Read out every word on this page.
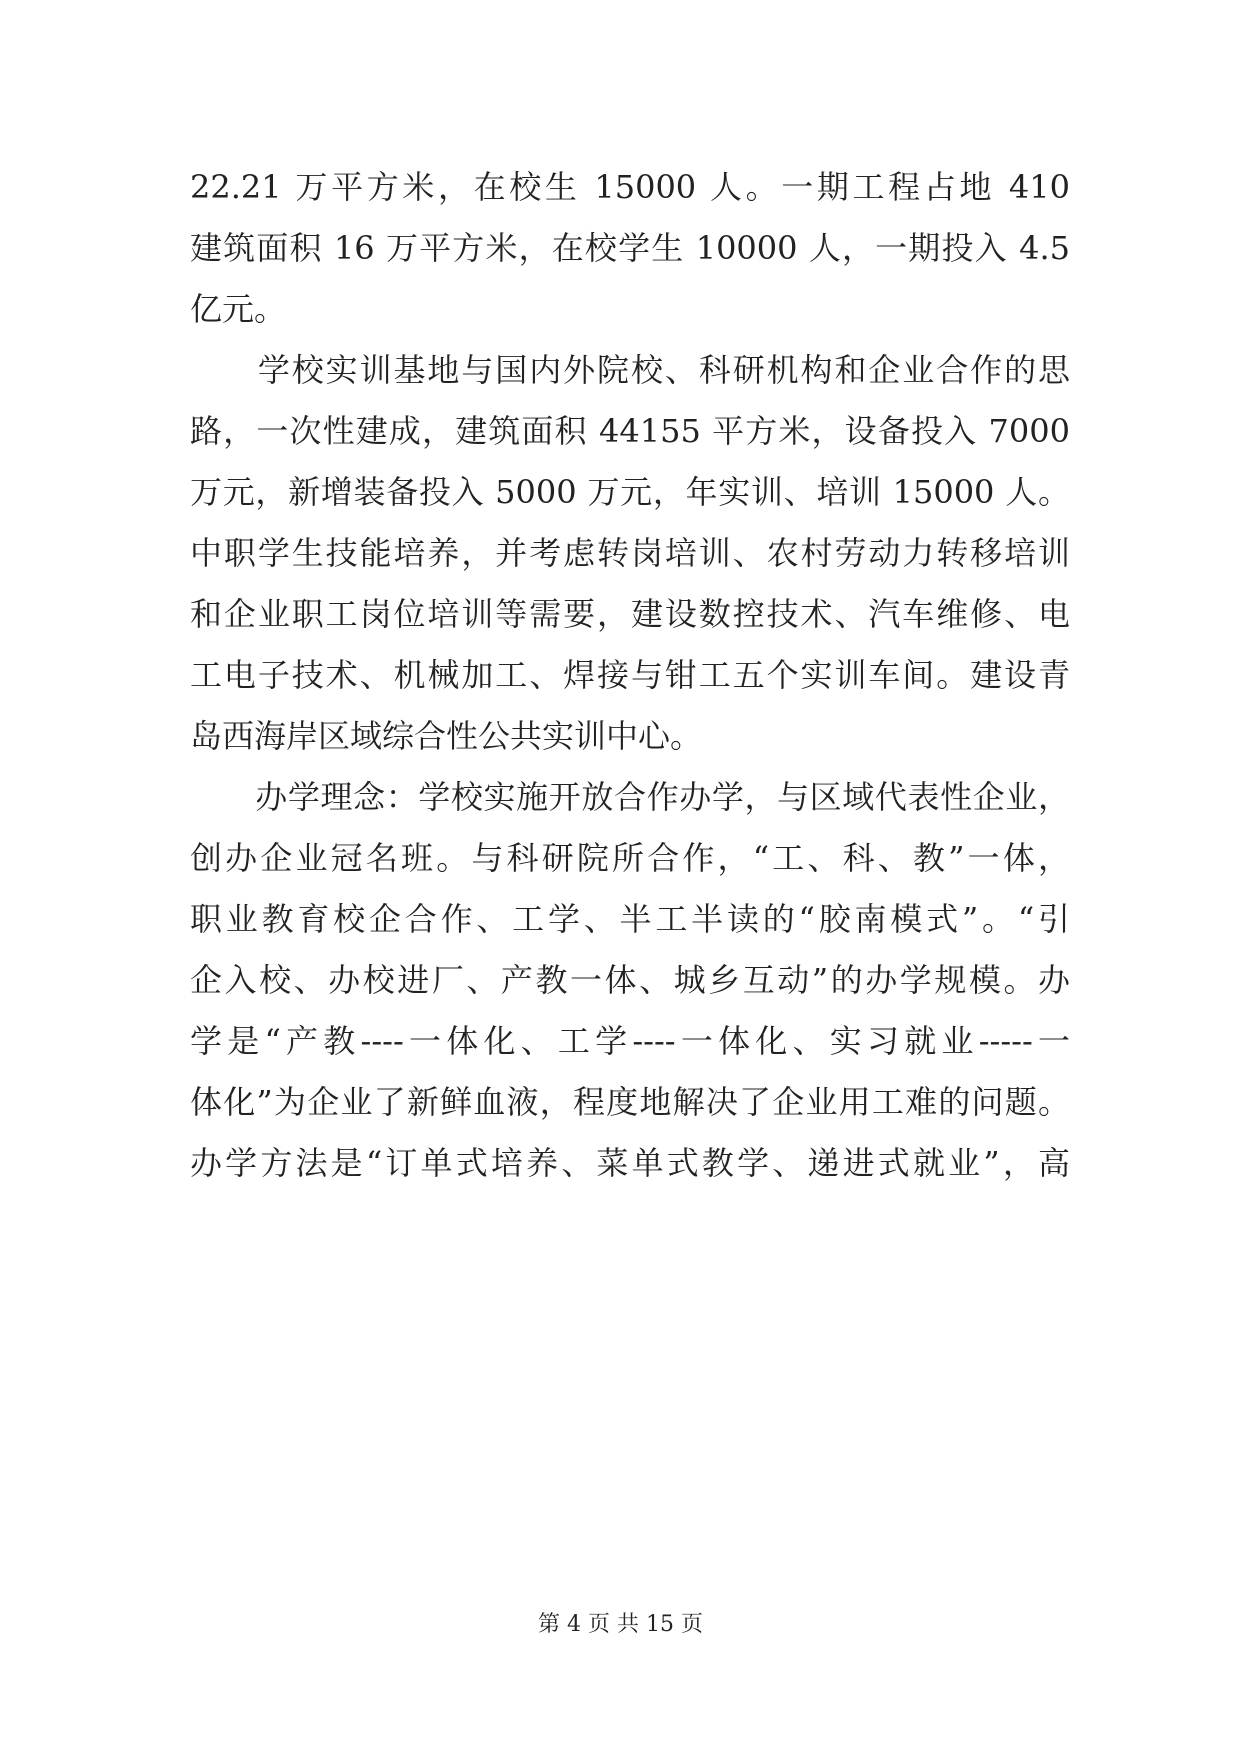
22.21 万平方米，在校生 15000 人。一期工程占地 410
建筑面积 16 万平方米，在校学生 10000 人，一期投入 4.5
亿元。
　　学校实训基地与国内外院校、科研机构和企业合作的思
路，一次性建成，建筑面积 44155 平方米，设备投入 7000
万元，新增装备投入 5000 万元，年实训、培训 15000 人。
中职学生技能培养，并考虑转岗培训、农村劳动力转移培训
和企业职工岗位培训等需要，建设数控技术、汽车维修、电
工电子技术、机械加工、焊接与钳工五个实训车间。建设青
岛西海岸区域综合性公共实训中心。
　　办学理念：学校实施开放合作办学，与区域代表性企业，
创办企业冠名班。与科研院所合作，“工、科、教”一体，
职业教育校企合作、工学、半工半读的“胶南模式”。“引
企入校、办校进厂、产教一体、城乡互动”的办学规模。办
学是“产教----一体化、工学----一体化、实习就业-----一
体化”为企业了新鲜血液，程度地解决了企业用工难的问题。
办学方法是“订单式培养、菜单式教学、递进式就业”，高
第 4 页 共 15 页
